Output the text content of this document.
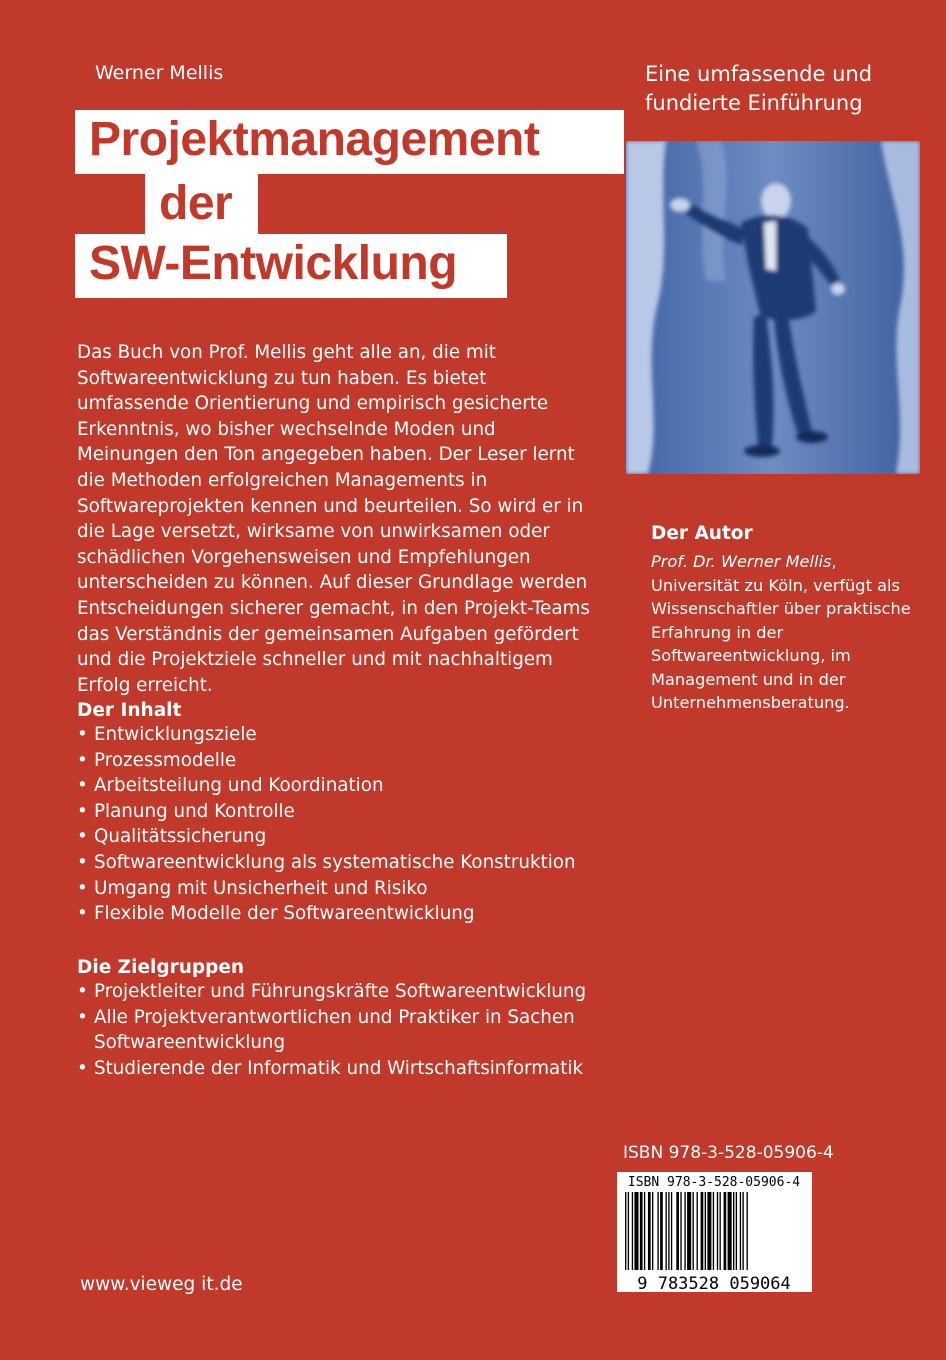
Werner Mellis
Projektmanagement
der
SW-Entwicklung
Eine umfassende und fundierte Einführung
Das Buch von Prof. Mellis geht alle an, die mit Softwareentwicklung zu tun haben. Es bietet umfassende Orientierung und empirisch gesicherte Erkenntnis, wo bisher wechselnde Moden und Meinungen den Ton angegeben haben. Der Leser lernt die Methoden erfolgreichen Managements in Softwareprojekten kennen und beurteilen. So wird er in die Lage versetzt, wirksame von unwirksamen oder schädlichen Vorgehensweisen und Empfehlungen unterscheiden zu können. Auf dieser Grundlage werden Entscheidungen sicherer gemacht, in den Projekt-Teams das Verständnis der gemeinsamen Aufgaben gefördert und die Projektziele schneller und mit nachhaltigem Erfolg erreicht.
Der Inhalt
• Entwicklungsziele
• Prozessmodelle
• Arbeitsteilung und Koordination
• Planung und Kontrolle
• Qualitätssicherung
• Softwareentwicklung als systematische Konstruktion
• Umgang mit Unsicherheit und Risiko
• Flexible Modelle der Softwareentwicklung
Die Zielgruppen
• Projektleiter und Führungskräfte Softwareentwicklung
• Alle Projektverantwortlichen und Praktiker in Sachen Softwareentwicklung
• Studierende der Informatik und Wirtschaftsinformatik
Der Autor
Prof. Dr. Werner Mellis, Universität zu Köln, verfügt als Wissenschaftler über praktische Erfahrung in der Softwareentwicklung, im Management und in der Unternehmensberatung.
ISBN 978-3-528-05906-4
ISBN 978-3-528-05906-4
9 783528 059064
www.vieweg it.de
